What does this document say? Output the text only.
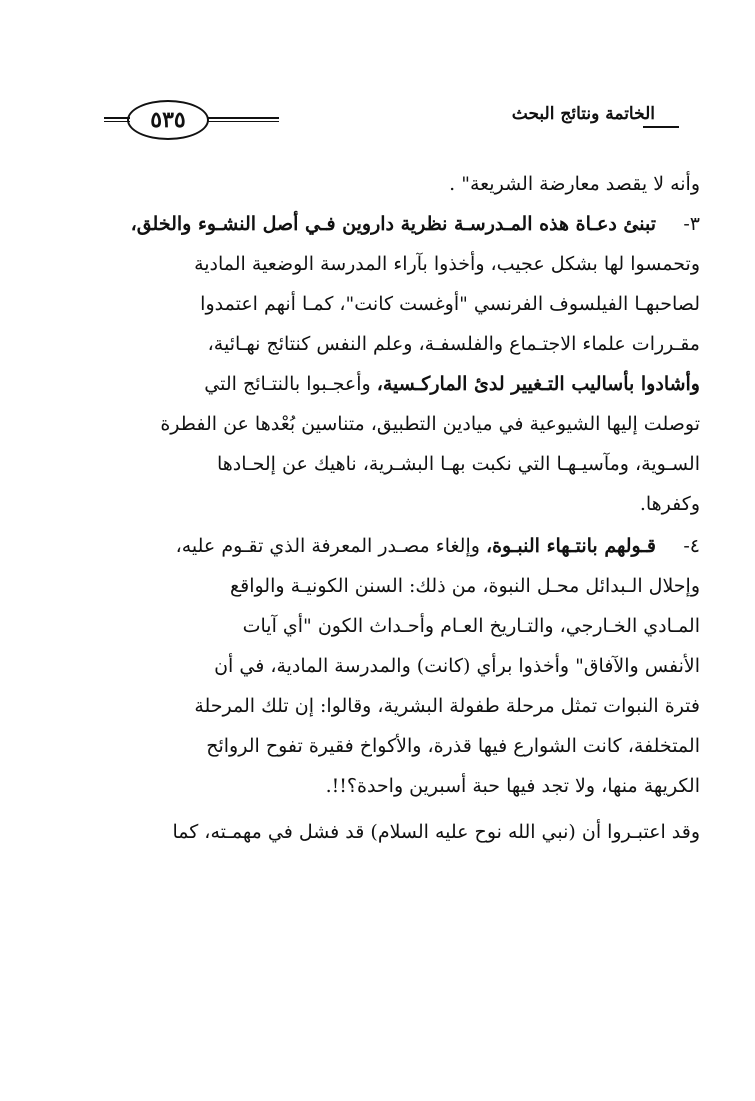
٥٣٥	الخاتمة ونتائج البحث
وأنه لا يقصد معارضة الشريعة" .
٣-
تبنئ دعـاة هذه المـدرسـة نظرية داروين فـي أصل النشـوء والخلق،
وتحمسوا لها بشكل عجيب، وأخذوا بآراء المدرسة الوضعية المادية
لصاحبهـا الفيلسوف الفرنسي "أوغست كانت"، كمـا أنهم اعتمدوا
مقـررات علماء الاجتـماع والفلسفـة، وعلم النفس كنتائج نهـائية،
وأشادوا بأساليب التـغيير لدئ الماركـسية، وأعجـبوا بالنتـائج التي
توصلت إليها الشيوعية في ميادين التطبيق، متناسين بُعْدها عن الفطرة
السـوية، ومآسيـهـا التي نكبت بهـا البشـرية، ناهيك عن إلحـادها
وكفرها.
٤-
قـولهم بانتـهاء النبـوة، وإلغاء مصـدر المعرفة الذي تقـوم عليه،
وإحلال الـبدائل محـل النبوة، من ذلك: السنن الكونيـة والواقع
المـادي الخـارجي، والتـاريخ العـام وأحـداث الكون "أي آيات
الأنفس والآفاق" وأخذوا برأي (كانت) والمدرسة المادية، في أن
فترة النبوات تمثل مرحلة طفولة البشرية، وقالوا: إن تلك المرحلة
المتخلفة، كانت الشوارع فيها قذرة، والأكواخ فقيرة تفوح الروائح
الكريهة منها، ولا تجد فيها حبة أسبرين واحدة؟!!.
وقد اعتبـروا أن (نبي الله نوح عليه السلام) قد فشل في مهمـته، كما
